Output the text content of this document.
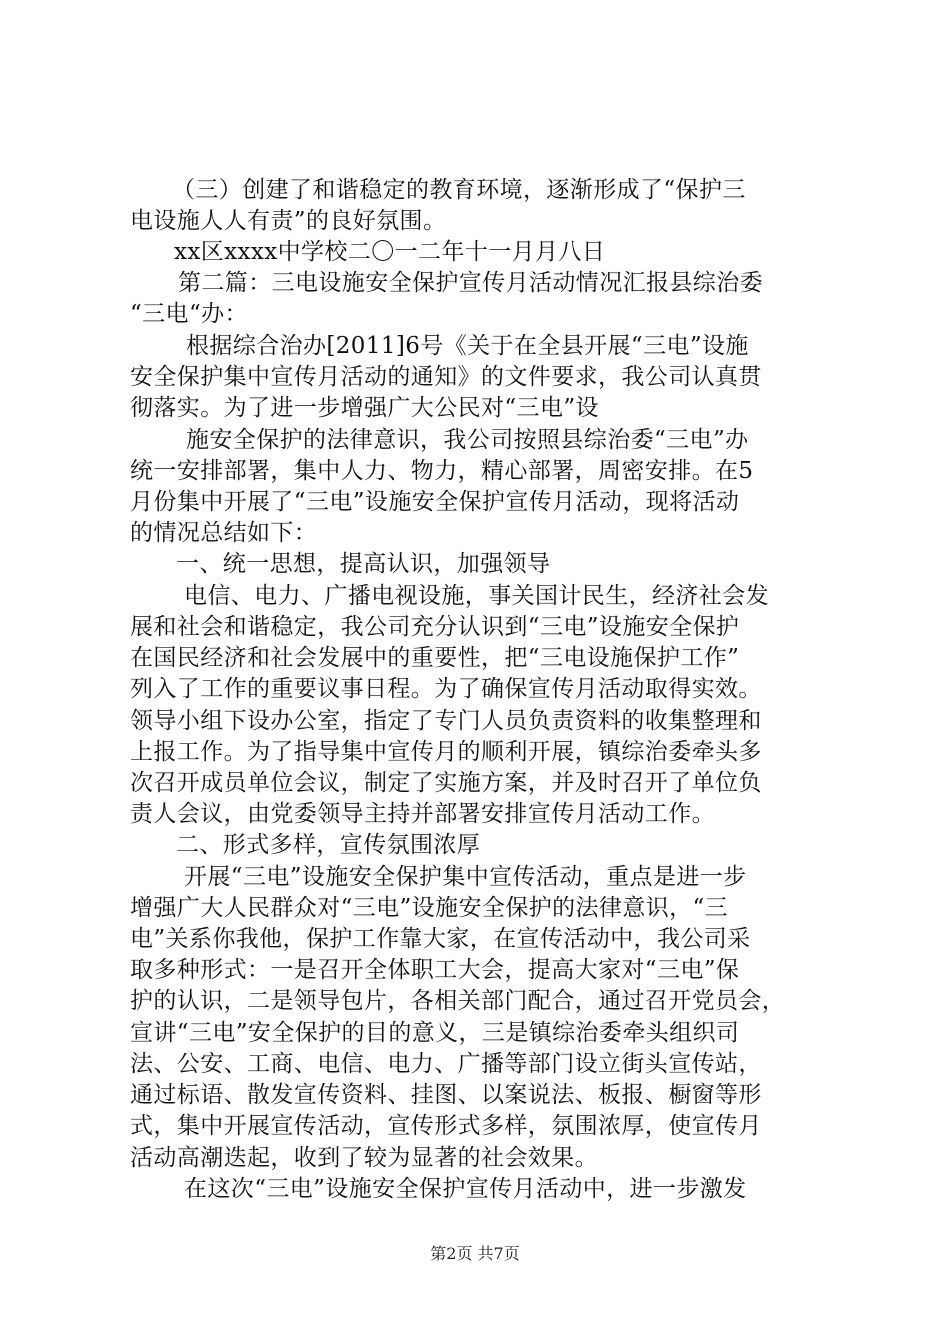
（三）创建了和谐稳定的教育环境，逐渐形成了“保护三
电设施人人有责”的良好氛围。
xx区xxxx中学校二〇一二年十一月月八日
第二篇：三电设施安全保护宣传月活动情况汇报县综治委
“三电“办：
根据综合治办[2011]6号《关于在全县开展“三电”设施
安全保护集中宣传月活动的通知》的文件要求，我公司认真贯
彻落实。为了进一步增强广大公民对“三电”设
施安全保护的法律意识，我公司按照县综治委“三电”办
统一安排部署，集中人力、物力，精心部署，周密安排。在5
月份集中开展了“三电”设施安全保护宣传月活动，现将活动
的情况总结如下：
一、统一思想，提高认识，加强领导
电信、电力、广播电视设施，事关国计民生，经济社会发
展和社会和谐稳定，我公司充分认识到“三电”设施安全保护
在国民经济和社会发展中的重要性，把“三电设施保护工作”
列入了工作的重要议事日程。为了确保宣传月活动取得实效。
领导小组下设办公室，指定了专门人员负责资料的收集整理和
上报工作。为了指导集中宣传月的顺利开展，镇综治委牵头多
次召开成员单位会议，制定了实施方案，并及时召开了单位负
责人会议，由党委领导主持并部署安排宣传月活动工作。
二、形式多样，宣传氛围浓厚
开展“三电”设施安全保护集中宣传活动，重点是进一步
增强广大人民群众对“三电”设施安全保护的法律意识，“三
电”关系你我他，保护工作靠大家，在宣传活动中，我公司采
取多种形式：一是召开全体职工大会，提高大家对“三电”保
护的认识，二是领导包片，各相关部门配合，通过召开党员会，
宣讲“三电”安全保护的目的意义，三是镇综治委牵头组织司
法、公安、工商、电信、电力、广播等部门设立街头宣传站，
通过标语、散发宣传资料、挂图、以案说法、板报、橱窗等形
式，集中开展宣传活动，宣传形式多样，氛围浓厚，使宣传月
活动高潮迭起，收到了较为显著的社会效果。
在这次“三电”设施安全保护宣传月活动中，进一步激发
第2页 共7页
